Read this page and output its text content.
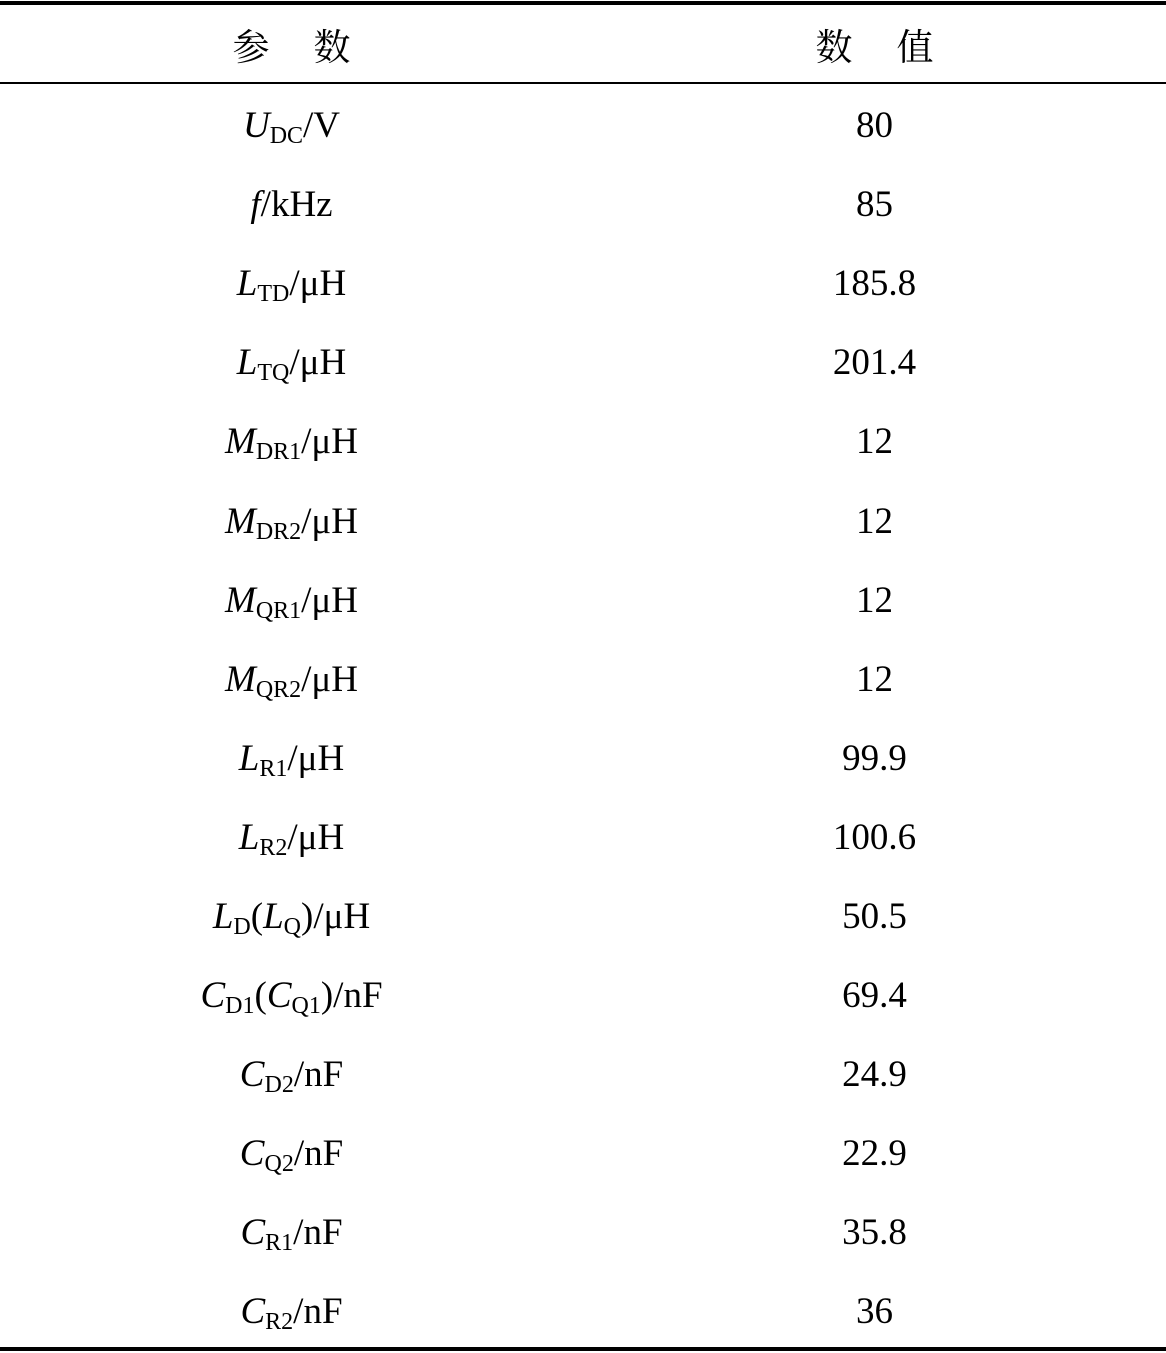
参数	数值
$U_{DC}/V$	80
f/kHz	85
$L_{TD}/\mu H$	185.8
$L_{TQ}/\mu H$	201.4
$M_{DR1}/\mu H$	12
$M_{DR2}/\mu H$	12
$M_{QR1}/\mu H$	12
$M_{QR2}/\mu H$	12
$L_{R1}/\mu H$	99.9
$L_{R2}/\mu H$	100.6
$L_D(L_Q)/\mu H$	50.5
$C_{D1}(C_{Q1})/nF$	69.4
$C_{D2}/nF$	24.9
$C_{Q2}/nF$	22.9
$C_{R1}/nF$	35.8
$C_{R2}/nF$	36
